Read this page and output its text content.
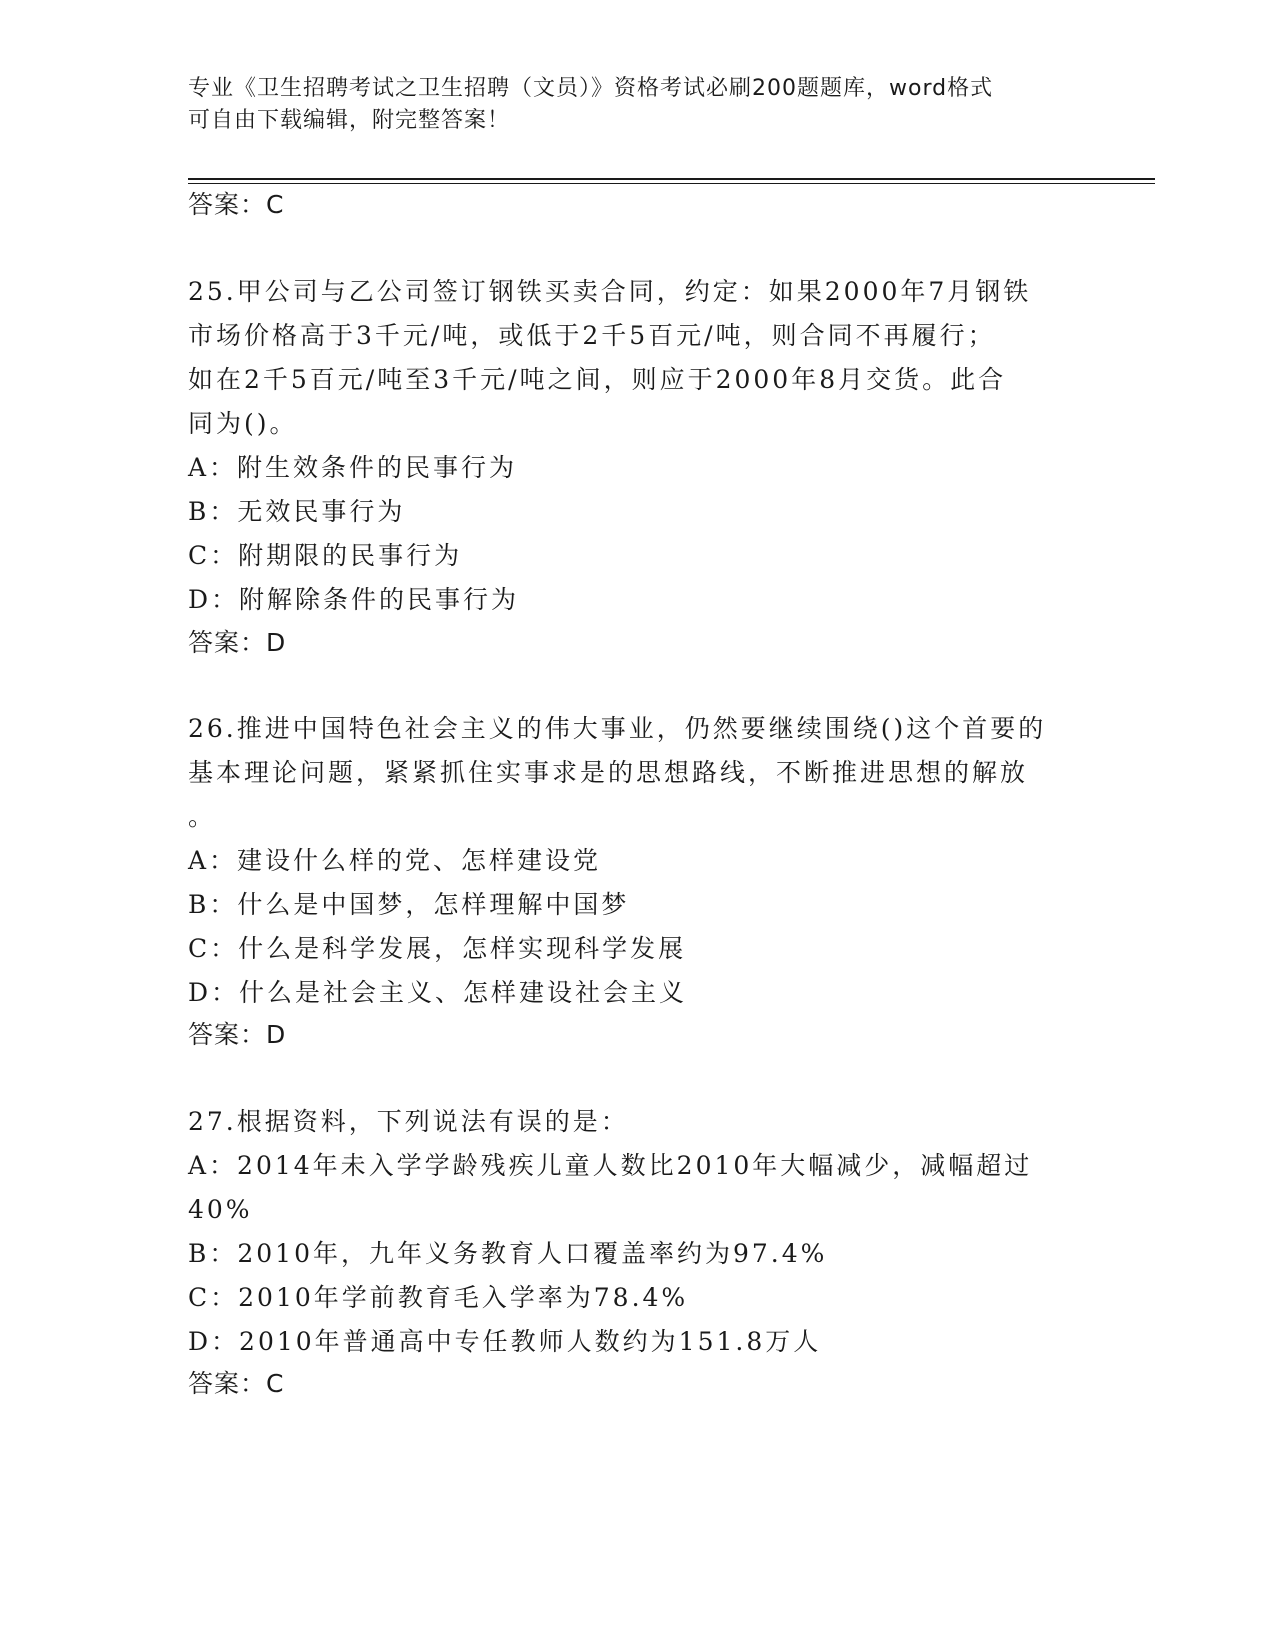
专业《卫生招聘考试之卫生招聘（文员）》资格考试必刷200题题库，word格式
可自由下载编辑，附完整答案！
答案：C
25.甲公司与乙公司签订钢铁买卖合同，约定：如果2000年7月钢铁
市场价格高于3千元/吨，或低于2千5百元/吨，则合同不再履行；
如在2千5百元/吨至3千元/吨之间，则应于2000年8月交货。此合
同为()。
A：附生效条件的民事行为
B：无效民事行为
C：附期限的民事行为
D：附解除条件的民事行为
答案：D
26.推进中国特色社会主义的伟大事业，仍然要继续围绕()这个首要的
基本理论问题，紧紧抓住实事求是的思想路线，不断推进思想的解放
。
A：建设什么样的党、怎样建设党
B：什么是中国梦，怎样理解中国梦
C：什么是科学发展，怎样实现科学发展
D：什么是社会主义、怎样建设社会主义
答案：D
27.根据资料，下列说法有误的是：
A：2014年未入学学龄残疾儿童人数比2010年大幅减少，减幅超过
40%
B：2010年，九年义务教育人口覆盖率约为97.4%
C：2010年学前教育毛入学率为78.4%
D：2010年普通高中专任教师人数约为151.8万人
答案：C
